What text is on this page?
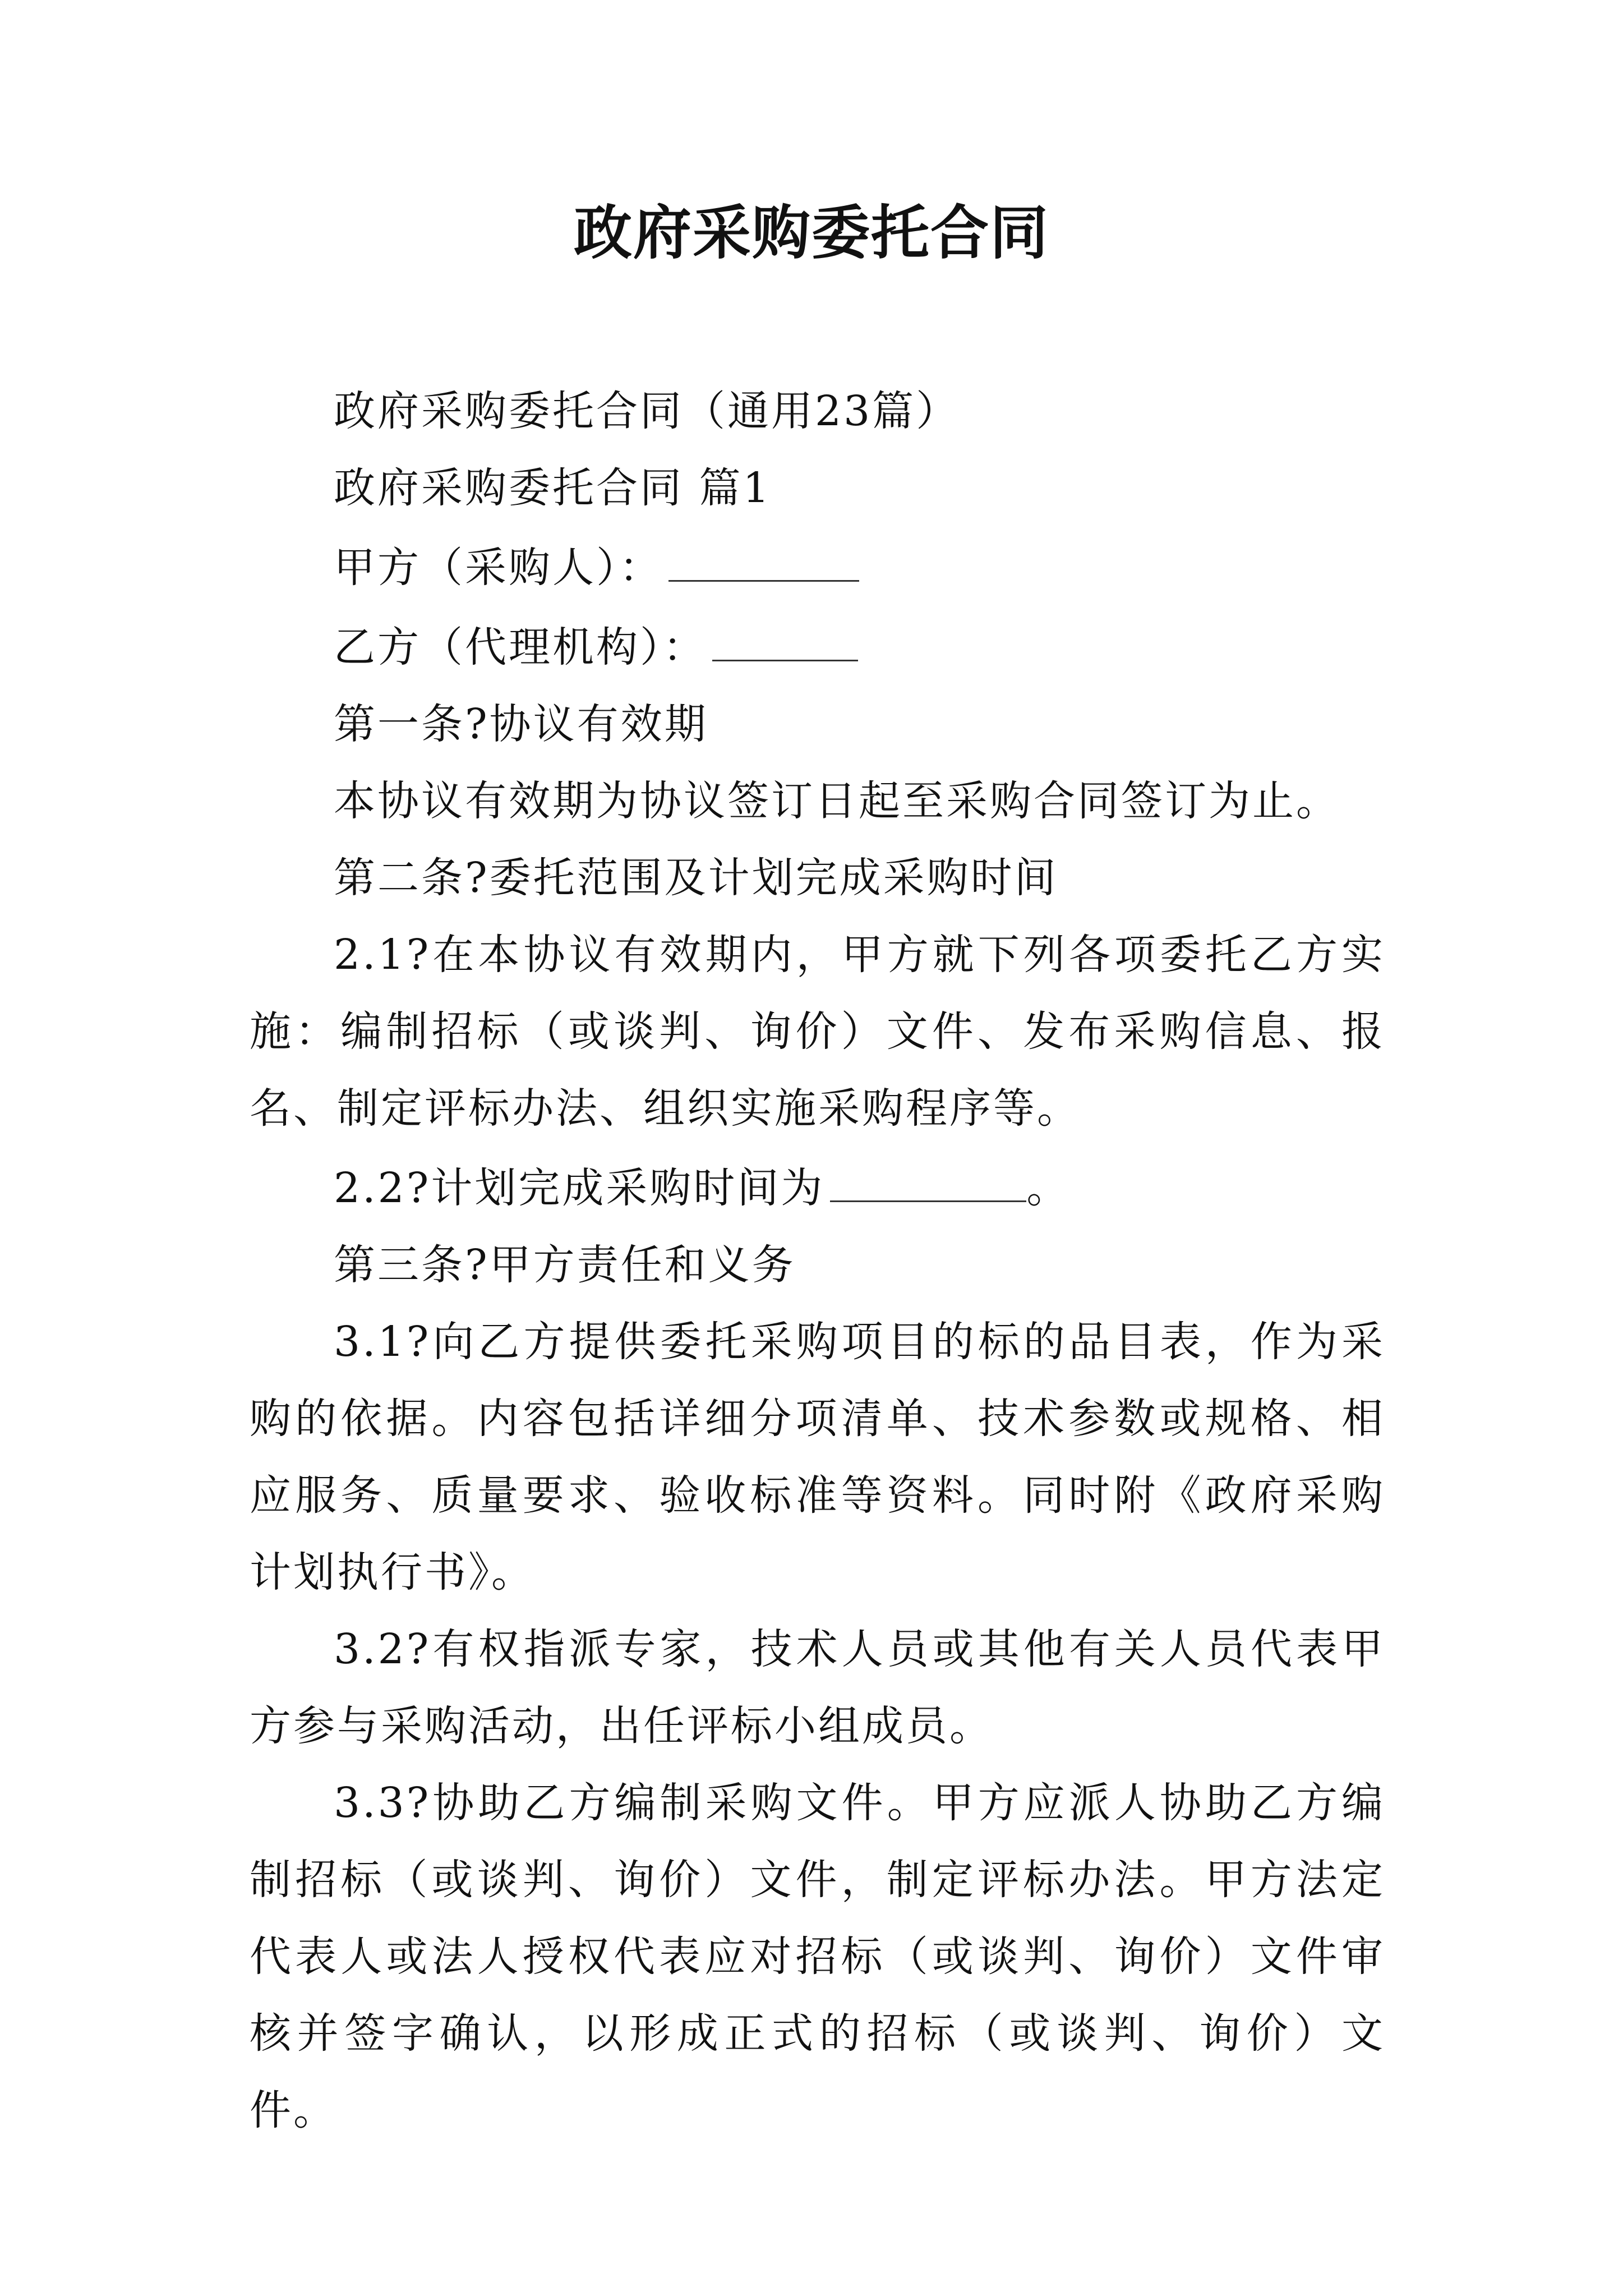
政府采购委托合同

政府采购委托合同（通用23篇）

政府采购委托合同 篇1

甲方（采购人）：

乙方（代理机构）：

第一条?协议有效期

本协议有效期为协议签订日起至采购合同签订为止。

第二条?委托范围及计划完成采购时间

2.1?在本协议有效期内，甲方就下列各项委托乙方实施：编制招标（或谈判、询价）文件、发布采购信息、报名、制定评标办法、组织实施采购程序等。

2.2?计划完成采购时间为	。

第三条?甲方责任和义务

3.1?向乙方提供委托采购项目的标的品目表，作为采购的依据。内容包括详细分项清单、技术参数或规格、相应服务、质量要求、验收标准等资料。同时附《政府采购计划执行书》。

3.2?有权指派专家，技术人员或其他有关人员代表甲方参与采购活动，出任评标小组成员。

3.3?协助乙方编制采购文件。甲方应派人协助乙方编制招标（或谈判、询价）文件，制定评标办法。甲方法定代表人或法人授权代表应对招标（或谈判、询价）文件审核并签字确认，以形成正式的招标（或谈判、询价）文件。
